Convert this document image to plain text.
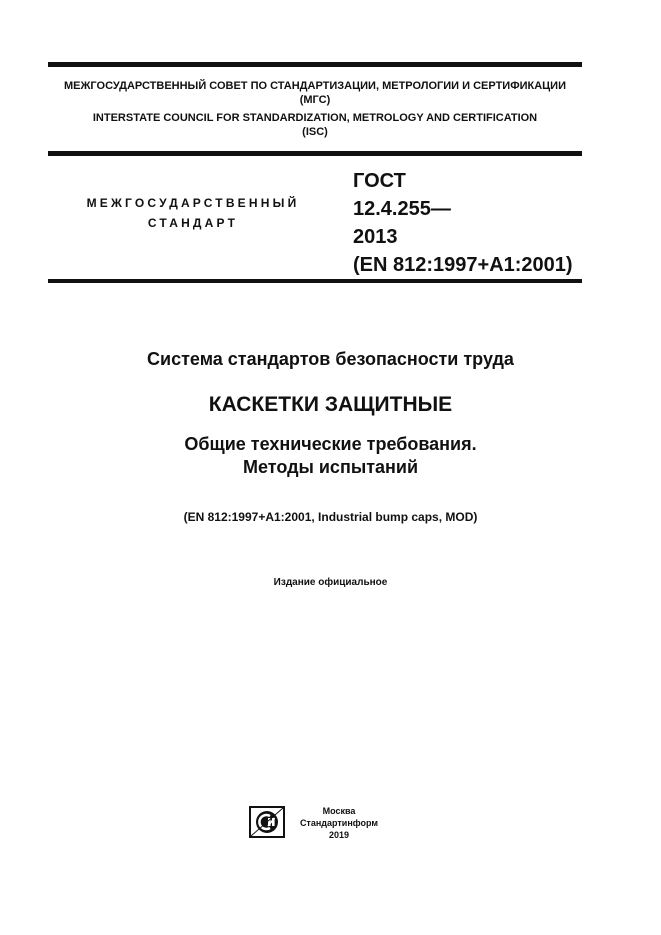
МЕЖГОСУДАРСТВЕННЫЙ СОВЕТ ПО СТАНДАРТИЗАЦИИ, МЕТРОЛОГИИ И СЕРТИФИКАЦИИ
(МГС)
INTERSTATE COUNCIL FOR STANDARDIZATION, METROLOGY AND CERTIFICATION
(ISC)
МЕЖГОСУДАРСТВЕННЫЙ
СТАНДАРТ
ГОСТ
12.4.255—
2013
(EN 812:1997+A1:2001)
Система стандартов безопасности труда
КАСКЕТКИ ЗАЩИТНЫЕ
Общие технические требования.
Методы испытаний
(EN 812:1997+A1:2001, Industrial bump caps, MOD)
Издание официальное
Москва
Стандартинформ
2019
